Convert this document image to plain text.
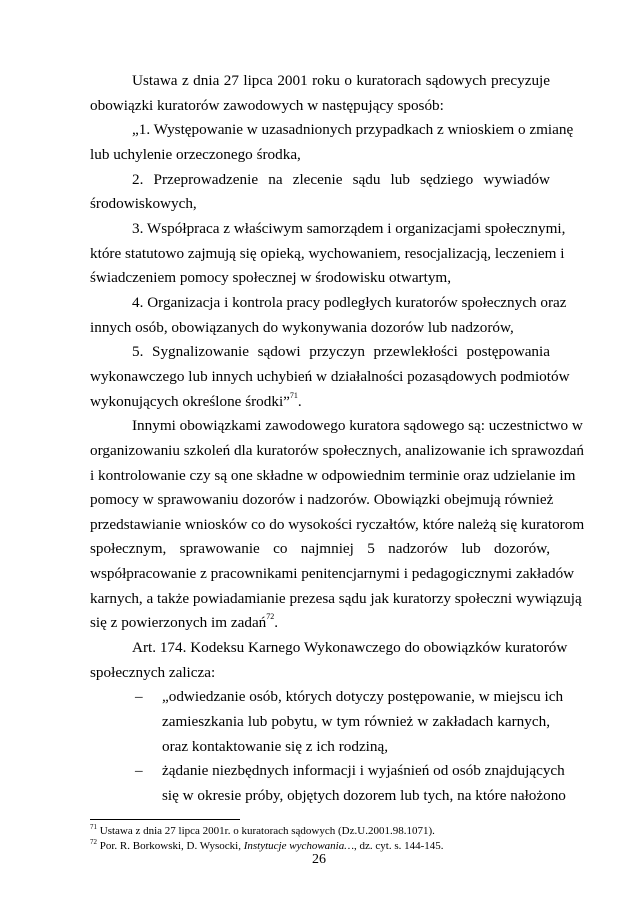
Ustawa z dnia 27 lipca 2001 roku o kuratorach sądowych precyzuje
obowiązki kuratorów zawodowych w następujący sposób:
„1. Występowanie w uzasadnionych przypadkach z wnioskiem o zmianę
lub uchylenie orzeczonego środka,
2. Przeprowadzenie na zlecenie sądu lub sędziego wywiadów
środowiskowych,
3. Współpraca z właściwym samorządem i organizacjami społecznymi,
które statutowo zajmują się opieką, wychowaniem, resocjalizacją, leczeniem i
świadczeniem pomocy społecznej w środowisku otwartym,
4. Organizacja i kontrola pracy podległych kuratorów społecznych oraz
innych osób, obowiązanych do wykonywania dozorów lub nadzorów,
5. Sygnalizowanie sądowi przyczyn przewlekłości postępowania
wykonawczego lub innych uchybień w działalności pozasądowych podmiotów
wykonujących określone środki”$^{71}$.
Innymi obowiązkami zawodowego kuratora sądowego są: uczestnictwo w
organizowaniu szkoleń dla kuratorów społecznych, analizowanie ich sprawozdań
i kontrolowanie czy są one składne w odpowiednim terminie oraz udzielanie im
pomocy w sprawowaniu dozorów i nadzorów. Obowiązki obejmują również
przedstawianie wniosków co do wysokości ryczałtów, które należą się kuratorom
społecznym, sprawowanie co najmniej 5 nadzorów lub dozorów,
współpracowanie z pracownikami penitencjarnymi i pedagogicznymi zakładów
karnych, a także powiadamianie prezesa sądu jak kuratorzy społeczni wywiązują
się z powierzonych im zadań$^{72}$.
Art. 174. Kodeksu Karnego Wykonawczego do obowiązków kuratorów
społecznych zalicza:
$^{71}$ Ustawa z dnia 27 lipca 2001r. o kuratorach sądowych (Dz.U.2001.98.1071).
$^{72}$ Por. R. Borkowski, D. Wysocki, Instytucje wychowania…, dz. cyt. s. 144-145.
26
„odwiedzanie osób, których dotyczy postępowanie, w miejscu ich
–
zamieszkania lub pobytu, w tym również w zakładach karnych,
oraz kontaktowanie się z ich rodziną,
żądanie niezbędnych informacji i wyjaśnień od osób znajdujących
–
się w okresie próby, objętych dozorem lub tych, na które nałożono
